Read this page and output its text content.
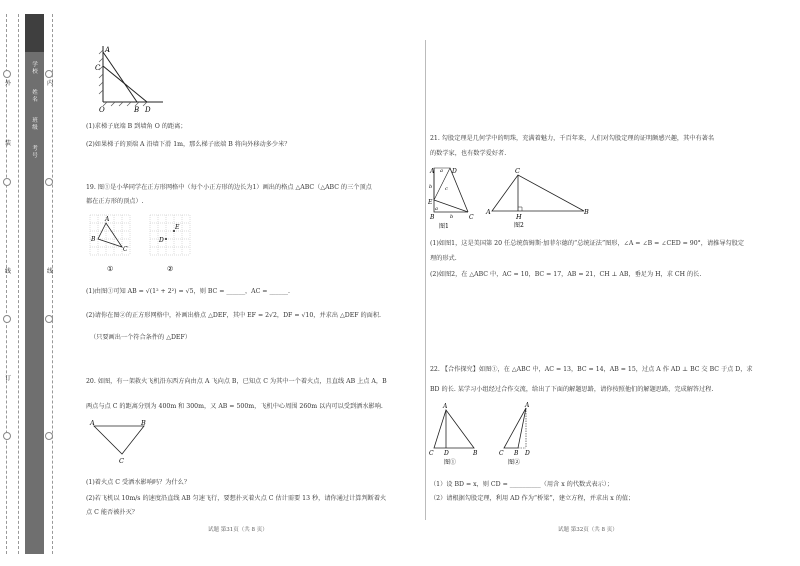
外	内
线	线
装
订
学校
姓名
班级
考号
A
C
O	B D
(1)求梯子底端 B 到墙角 O 的距离；
(2)如果梯子的顶端 A 沿墙下滑 1m，那么梯子底端 B 将向外移动多少米？
19. 图①是小华同学在正方形网格中（每个小正方形的边长为1）画出的格点 △ABC（△ABC 的三个顶点
都在正方形的顶点）.
A
B
C
D
E
①	②
(1)由图①可知 AB = √(1² + 2²) = √5，则 BC = ______，AC = ______.
(2)请你在图②的正方形网格中，补画出格点 △DEF，其中 EF = 2√2，DF = √10，并求出 △DEF 的面积.
（只要画出一个符合条件的 △DEF）
20. 如图，有一架救火飞机沿东西方向由点 A 飞向点 B，已知点 C 为其中一个着火点，且直线 AB 上点 A，B
两点与点 C 的距离分别为 400m 和 300m，又 AB = 500m，飞机中心周围 260m 以内可以受到洒水影响.
A	B
C
(1)着火点 C 受洒水影响吗？为什么？
(2)若飞机以 10m/s 的速度沿直线 AB 匀速飞行，要想扑灭着火点 C 估计需要 13 秒，请你通过计算判断着火
点 C 能否被扑灭？
试题 第31页（共 8 页）
21. 勾股定理是几何学中的明珠，充满着魅力，千百年来，人们对勾股定理的证明颇感兴趣，其中有著名
的数学家，也有数学爱好者.
A	D
a
b	c
E
B	C
a
b
图1
C
A
H
B
图2
(1)如图1，这是美国第 20 任总统詹姆斯·加菲尔德的“总统证法”图形，∠A = ∠B = ∠CED = 90°，请推导勾股定
理的形式.
(2)如图2，在 △ABC 中，AC = 10，BC = 17，AB = 21，CH ⊥ AB，垂足为 H，求 CH 的长.
22. 【合作探究】如图①，在 △ABC 中，AC = 13，BC = 14，AB = 15，过点 A 作 AD ⊥ BC 交 BC 于点 D，求
BD 的长. 某学习小组经过合作交流，给出了下面的解题思路，请你按照他们的解题思路，完成解答过程.
A
C D	B
图①
A
C	D
B
图②
（1）设 BD = x，则 CD = __________（用含 x 的代数式表示）；
（2）请根据勾股定理，利用 AD 作为“桥梁”，建立方程，并求出 x 的值；
试题 第32页（共 8 页）
